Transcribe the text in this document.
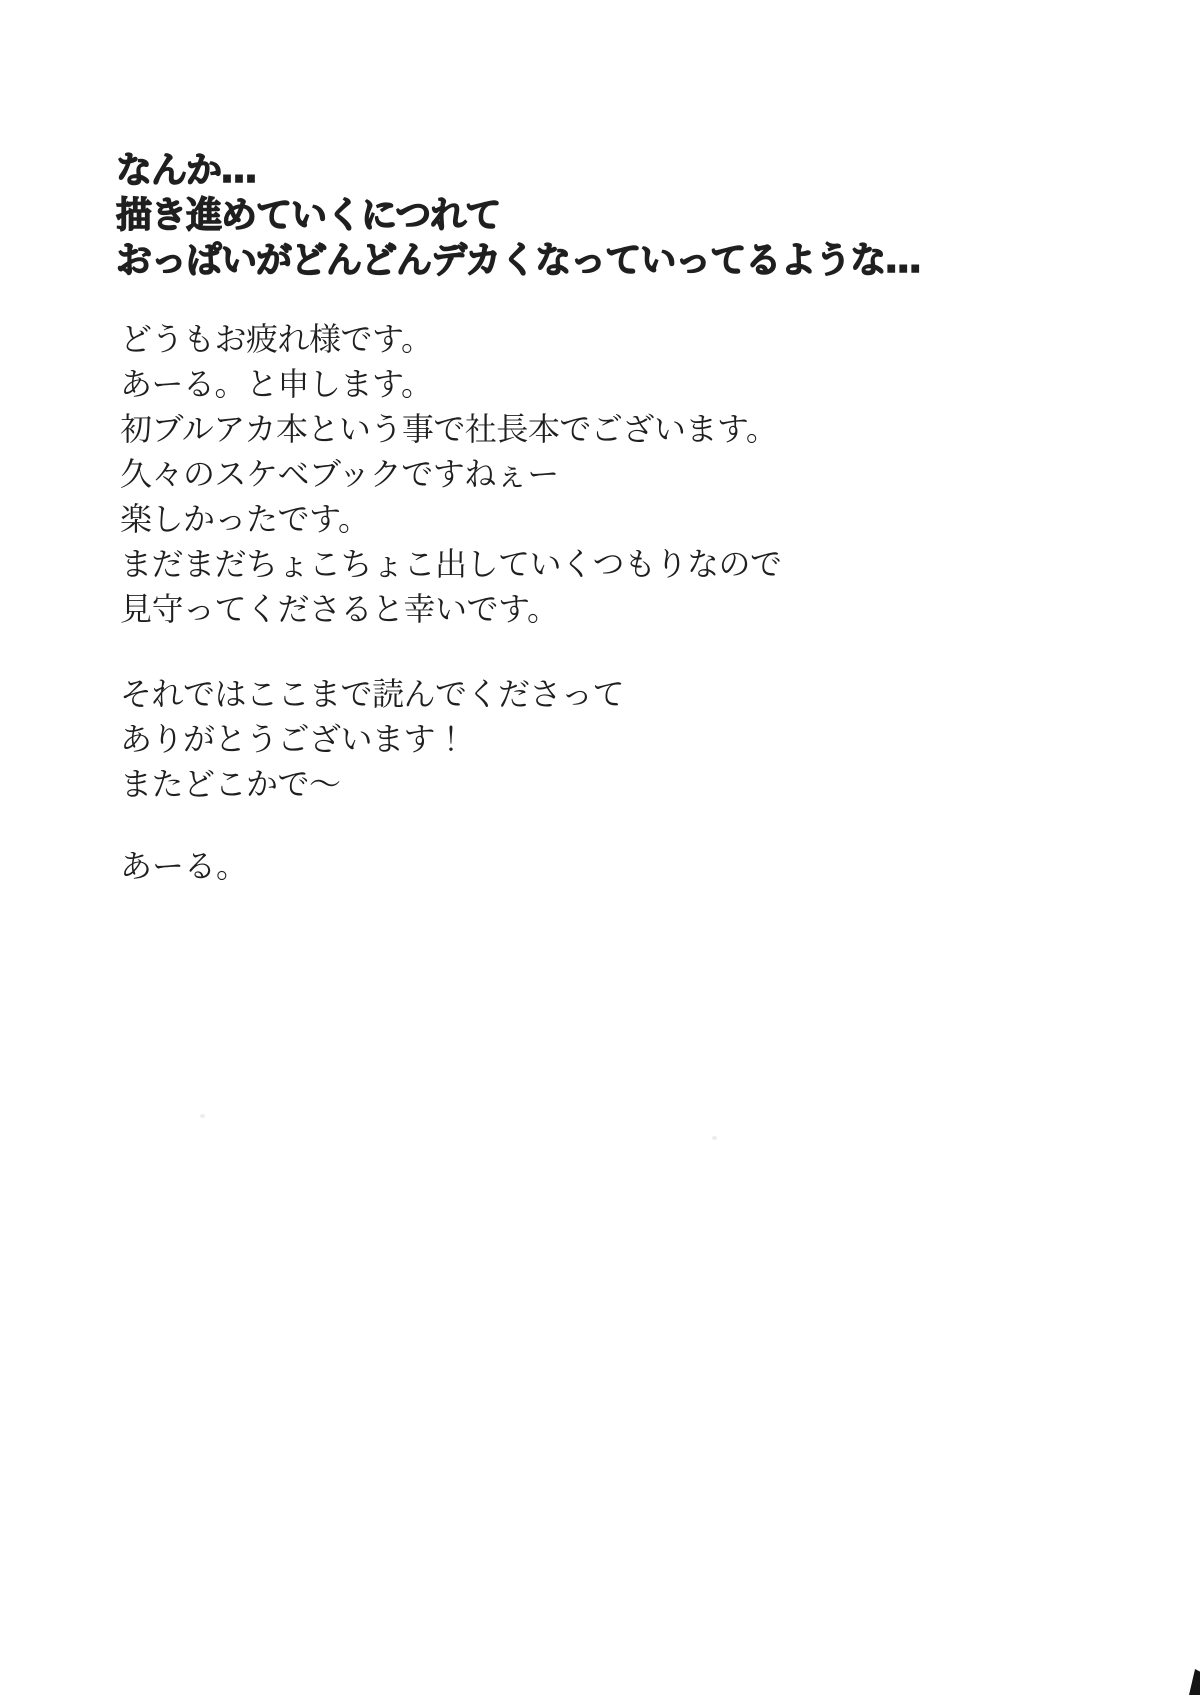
なんか…
描き進めていくにつれて
おっぱいがどんどんデカくなっていってるような…
どうもお疲れ様です。
あーる。と申します。
初ブルアカ本という事で社長本でございます。
久々のスケベブックですねぇー
楽しかったです。
まだまだちょこちょこ出していくつもりなので
見守ってくださると幸いです。
それではここまで読んでくださって
ありがとうございます！
またどこかで〜
あーる。
